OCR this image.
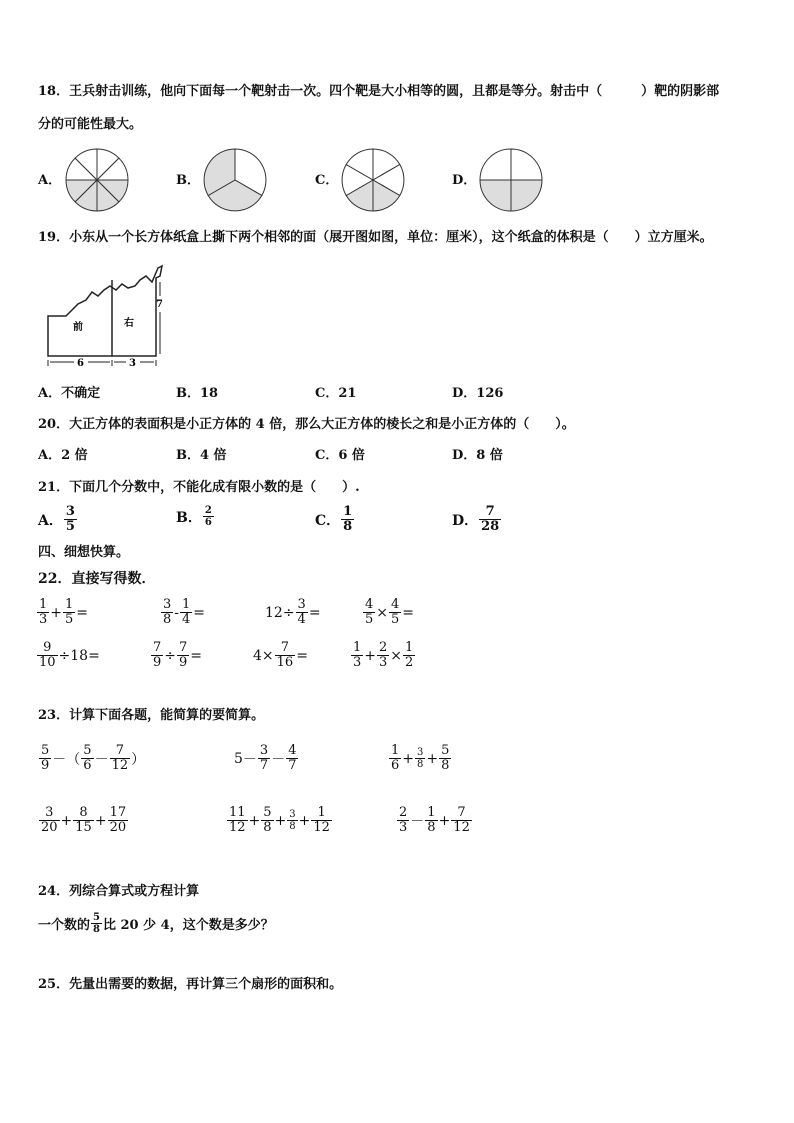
18．王兵射击训练，他向下面每一个靶射击一次。四个靶是大小相等的圆，且都是等分。射击中（　　　）靶的阴影部
分的可能性最大。
A．	B．	C．	D．
19．小东从一个长方体纸盒上撕下两个相邻的面（展开图如图，单位：厘米），这个纸盒的体积是（　　）立方厘米。
前	右
6	3
7
A．不确定	B．18	C．21	D．126
20．大正方体的表面积是小正方体的 4 倍，那么大正方体的棱长之和是小正方体的（　　）。
A．2 倍	B．4 倍	C．6 倍	D．8 倍
21．下面几个分数中，不能化成有限小数的是（　　）.
A． $\frac{3}{5}$	B． $\frac{2}{6}$	C． $\frac{1}{8}$	D． $\frac{7}{28}$
四、细想快算。
22．直接写得数．
$\frac{1}{3} + \frac{1}{5}$ =	$\frac{3}{8} - \frac{1}{4}$ =	$12\div \frac{3}{4}$ =	$\frac{4}{5} \times \frac{4}{5}$ =
$\frac{9}{10} \div 18=$	$\frac{7}{9} \div \frac{7}{9}$ =	$4\times \frac{7}{16}$ =	$\frac{1}{3} + \frac{2}{3} \times \frac{1}{2}$
23．计算下面各题，能简算的要简算。
$\frac{5}{9}$ － （ $\frac{5}{6} - \frac{7}{12}$ ）	$5 - \frac{3}{7} - \frac{4}{7}$	$\frac{1}{6} + \frac{3}{8} + \frac{5}{8}$
$\frac{3}{20} + \frac{8}{15} + \frac{17}{20}$	$\frac{11}{12} + \frac{5}{8} + \frac{3}{8} + \frac{1}{12}$	$\frac{2}{3} - \frac{1}{8} + \frac{7}{12}$
24．列综合算式或方程计算
一个数的 $\frac{5}{8}$ 比 20 少 4，这个数是多少？
25．先量出需要的数据，再计算三个扇形的面积和。
